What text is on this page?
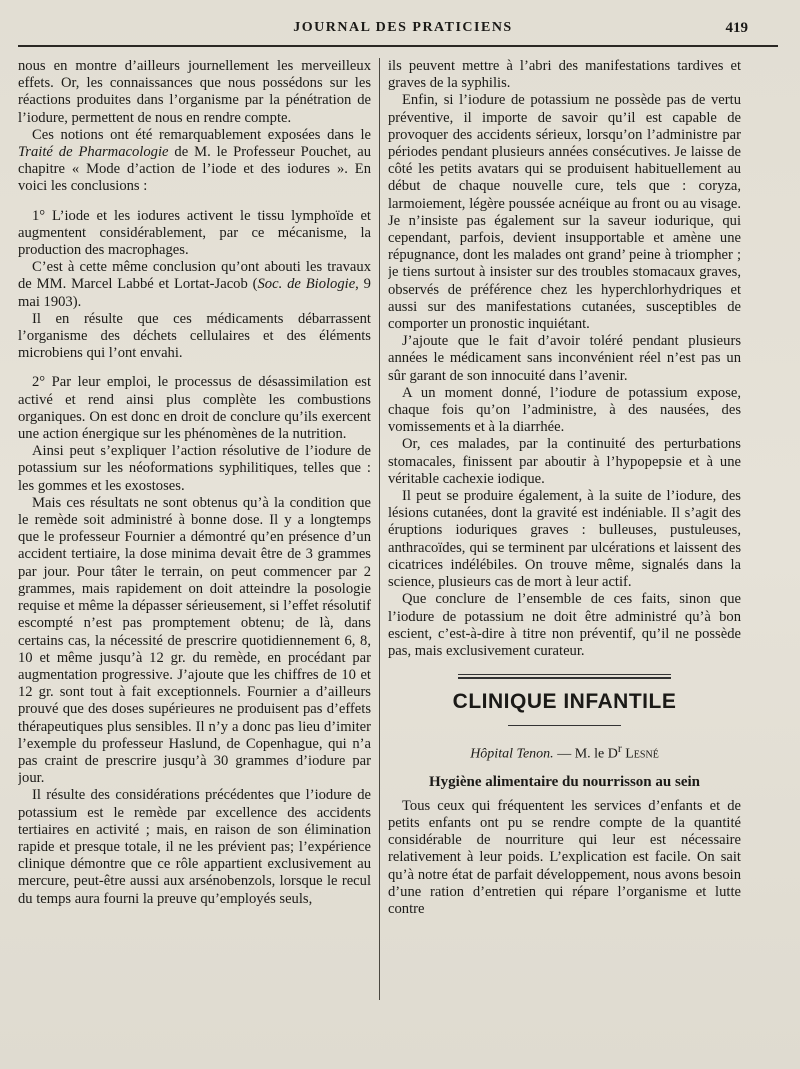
JOURNAL DES PRATICIENS	419

nous en montre d’ailleurs journellement les merveilleux effets. Or, les connaissances que nous possédons sur les réactions produites dans l’organisme par la pénétration de l’iodure, permettent de nous en rendre compte.

Ces notions ont été remarquablement exposées dans le Traité de Pharmacologie de M. le Professeur Pouchet, au chapitre « Mode d’action de l’iode et des iodures ». En voici les conclusions :

1° L’iode et les iodures activent le tissu lymphoïde et augmentent considérablement, par ce mécanisme, la production des macrophages.

C’est à cette même conclusion qu’ont abouti les travaux de MM. Marcel Labbé et Lortat-Jacob (Soc. de Biologie, 9 mai 1903).

Il en résulte que ces médicaments débarrassent l’organisme des déchets cellulaires et des éléments microbiens qui l’ont envahi.

2° Par leur emploi, le processus de désassimilation est activé et rend ainsi plus complète les combustions organiques. On est donc en droit de conclure qu’ils exercent une action énergique sur les phénomènes de la nutrition.

Ainsi peut s’expliquer l’action résolutive de l’iodure de potassium sur les néoformations syphilitiques, telles que : les gommes et les exostoses.

Mais ces résultats ne sont obtenus qu’à la condition que le remède soit administré à bonne dose. Il y a longtemps que le professeur Fournier a démontré qu’en présence d’un accident tertiaire, la dose minima devait être de 3 grammes par jour. Pour tâter le terrain, on peut commencer par 2 grammes, mais rapidement on doit atteindre la posologie requise et même la dépasser sérieusement, si l’effet résolutif escompté n’est pas promptement obtenu; de là, dans certains cas, la nécessité de prescrire quotidiennement 6, 8, 10 et même jusqu’à 12 gr. du remède, en procédant par augmentation progressive. J’ajoute que les chiffres de 10 et 12 gr. sont tout à fait exceptionnels. Fournier a d’ailleurs prouvé que des doses supérieures ne produisent pas d’effets thérapeutiques plus sensibles. Il n’y a donc pas lieu d’imiter l’exemple du professeur Haslund, de Copenhague, qui n’a pas craint de prescrire jusqu’à 30 grammes d’iodure par jour.

Il résulte des considérations précédentes que l’iodure de potassium est le remède par excellence des accidents tertiaires en activité ; mais, en raison de son élimination rapide et presque totale, il ne les prévient pas; l’expérience clinique démontre que ce rôle appartient exclusivement au mercure, peut-être aussi aux arsénobenzols, lorsque le recul du temps aura fourni la preuve qu’employés seuls,

ils peuvent mettre à l’abri des manifestations tardives et graves de la syphilis.

Enfin, si l’iodure de potassium ne possède pas de vertu préventive, il importe de savoir qu’il est capable de provoquer des accidents sérieux, lorsqu’on l’administre par périodes pendant plusieurs années consécutives. Je laisse de côté les petits avatars qui se produisent habituellement au début de chaque nouvelle cure, tels que : coryza, larmoiement, légère poussée acnéique au front ou au visage. Je n’insiste pas également sur la saveur iodurique, qui cependant, parfois, devient insupportable et amène une répugnance, dont les malades ont grand’ peine à triompher ; je tiens surtout à insister sur des troubles stomacaux graves, observés de préférence chez les hyperchlorhydriques et aussi sur des manifestations cutanées, susceptibles de comporter un pronostic inquiétant.

J’ajoute que le fait d’avoir toléré pendant plusieurs années le médicament sans inconvénient réel n’est pas un sûr garant de son innocuité dans l’avenir.

A un moment donné, l’iodure de potassium expose, chaque fois qu’on l’administre, à des nausées, des vomissements et à la diarrhée.

Or, ces malades, par la continuité des perturbations stomacales, finissent par aboutir à l’hypopepsie et à une véritable cachexie iodique.

Il peut se produire également, à la suite de l’iodure, des lésions cutanées, dont la gravité est indéniable. Il s’agit des éruptions ioduriques graves : bulleuses, pustuleuses, anthracoïdes, qui se terminent par ulcérations et laissent des cicatrices indélébiles. On trouve même, signalés dans la science, plusieurs cas de mort à leur actif.

Que conclure de l’ensemble de ces faits, sinon que l’iodure de potassium ne doit être administré qu’à bon escient, c’est-à-dire à titre non préventif, qu’il ne possède pas, mais exclusivement curateur.

CLINIQUE INFANTILE
Hôpital Tenon. — M. le $D^r$ Lesné
Hygiène alimentaire du nourrisson au sein

Tous ceux qui fréquentent les services d’enfants et de petits enfants ont pu se rendre compte de la quantité considérable de nourriture qui leur est nécessaire relativement à leur poids. L’explication est facile. On sait qu’à notre état de parfait développement, nous avons besoin d’une ration d’entretien qui répare l’organisme et lutte contre
